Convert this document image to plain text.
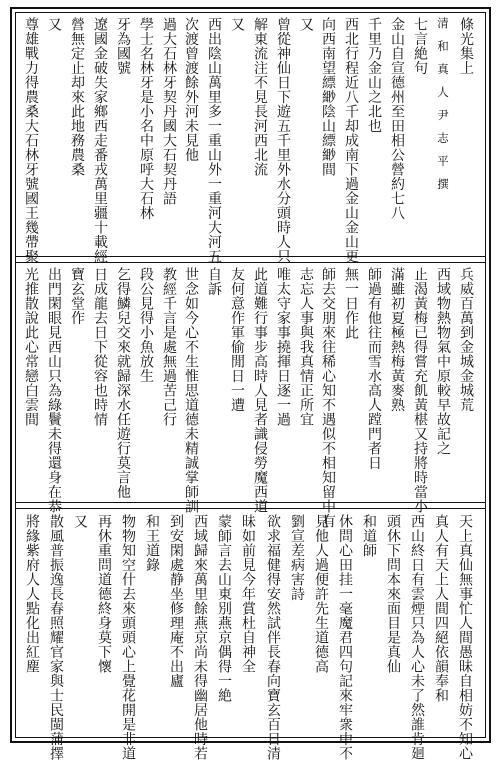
條光集上
清　和　真　人　尹　志　平　撰
七言絶句
金山自宣德州至田相公營約七八
千里乃金山之北也
西北行程近八千却成南下過金山金山更
向西南望縹緲陰山縹緲間
又
曾從神仙日下遊五千里外水分頭時人只
解東流注不見長河西北流
又
西出陰山萬里多一重山外一重河大河五
次渡曾渡餘外河未見他
過大石林牙契丹國大石契丹語
學士名林牙是小名中原呼大石林
牙為國號
遼國金破失家鄉西走番戎萬里疆十載經
營無定止却來此地務農桑
又
尊雄戰力得農桑大石林牙號國王幾帶聚
兵威百萬到金城金城荒
西域物熱物氣中原較早故記之
止渴黃梅已得嘗充飢黃椹又持將時當小
滿雖初夏極熱梅黃麥熟
師過有他往而雪水高人蹚門者日
無一日作此
師去交朋來往稀心知不遇似不相知留中有
志忘人事與我真情正所宜
唯太守家事撓揮日逐一過
此道難行事步高時人見者識侵勞魔西道
友何意作軍偷閒日一遭
自訴
世念如今心不生惟思道德未精誠掌師訓
教經千言是處無過苦己行
段公見得小魚放生
乞得鱗兒交來就歸深水任遊行莫言他
日成龍去日下從容也時情
寶玄堂作
出門閑眼見西山只為綠鬢未得還身在恭
光推散說此心常戀白雲間
天上真仙無事忙人間愚昧自相妨不知心
真人有天上人間四絕依韻奉和
西山終日有雲煙只為人心未了然誰肯廻
頭休下問本來面目是真仙
和道師
休問心田挂一毫魔君四句記來牢衆中不
見他人過便許先生道德高
劉宣差病害詩
欲求福健得安然試伴長春向寶玄百日清
昧如前見今年賞杜自神全
蒙師言去山東別燕京偶得一絶
西域歸來萬里餘燕京尚未得幽居他時若
到安閑處静坐修理庵不出廬
和王道錄
物物知空什去來頭頭心上覺花開是非道
再休重問道德終身莫下懷
又
散風普振逸長春照耀官家與士民閩蒲擇
將緣紫府人人點化出紅塵
